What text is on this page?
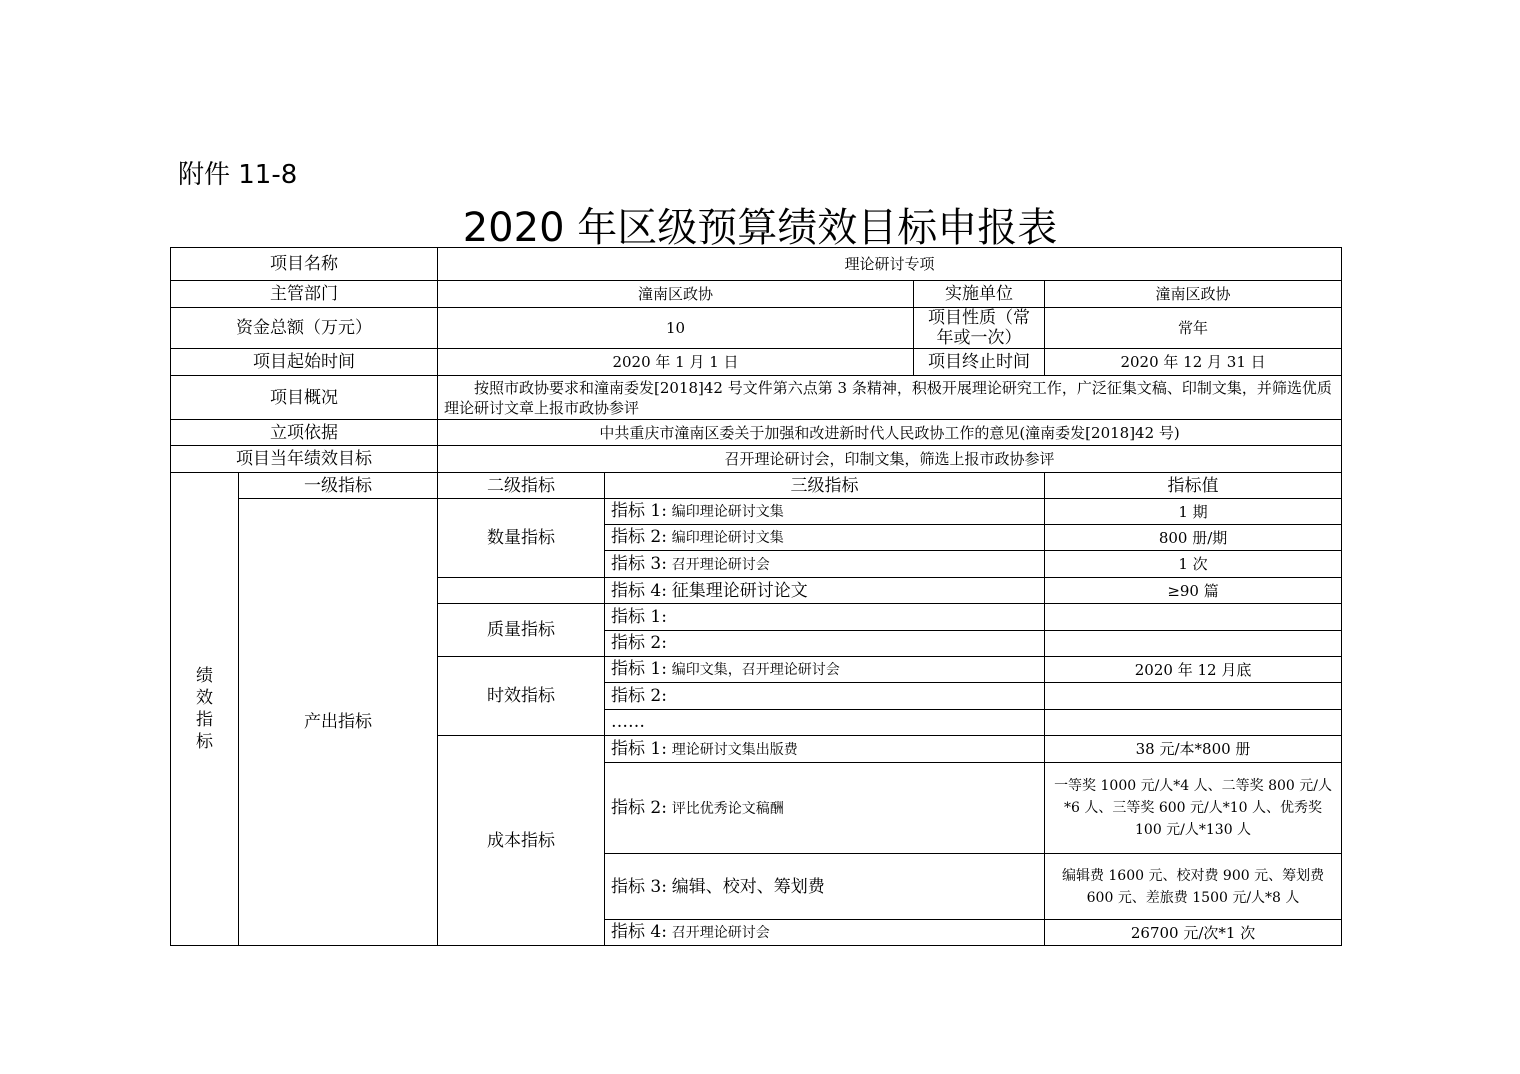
附件 11-8
2020 年区级预算绩效目标申报表
项目名称		理论研讨专项			
主管部门		潼南区政协		实施单位	潼南区政协
资金总额（万元）		10		项目性质（常年或一次）	常年
项目起始时间		2020 年 1 月 1 日		项目终止时间	2020 年 12 月 31 日
项目概况		按照市政协要求和潼南委发[2018]42 号文件第六点第 3 条精神，积极开展理论研究工作，广泛征集文稿、印制文集，并筛选优质理论研讨文章上报市政协参评			
立项依据		中共重庆市潼南区委关于加强和改进新时代人民政协工作的意见(潼南委发[2018]42 号)			
项目当年绩效目标		召开理论研讨会，印制文集，筛选上报市政协参评			

绩
效
指
标	一级指标	二级指标	三级指标		指标值
	产出指标	数量指标	指标 1: 编印理论研讨文集		1 期
			指标 2: 编印理论研讨文集		800 册/期
			指标 3: 召开理论研讨会		1 次
			指标 4: 征集理论研讨论文		≥90 篇
		质量指标	指标 1:		
			指标 2:		
		时效指标	指标 1: 编印文集，召开理论研讨会		2020 年 12 月底
			指标 2:		
			……		
		成本指标	指标 1: 理论研讨文集出版费		38 元/本*800 册
			指标 2: 评比优秀论文稿酬		一等奖 1000 元/人*4 人、二等奖 800 元/人*6 人、三等奖 600 元/人*10 人、优秀奖 100 元/人*130 人
			指标 3: 编辑、校对、筹划费		编辑费 1600 元、校对费 900 元、筹划费 600 元、差旅费 1500 元/人*8 人
			指标 4: 召开理论研讨会		26700 元/次*1 次
